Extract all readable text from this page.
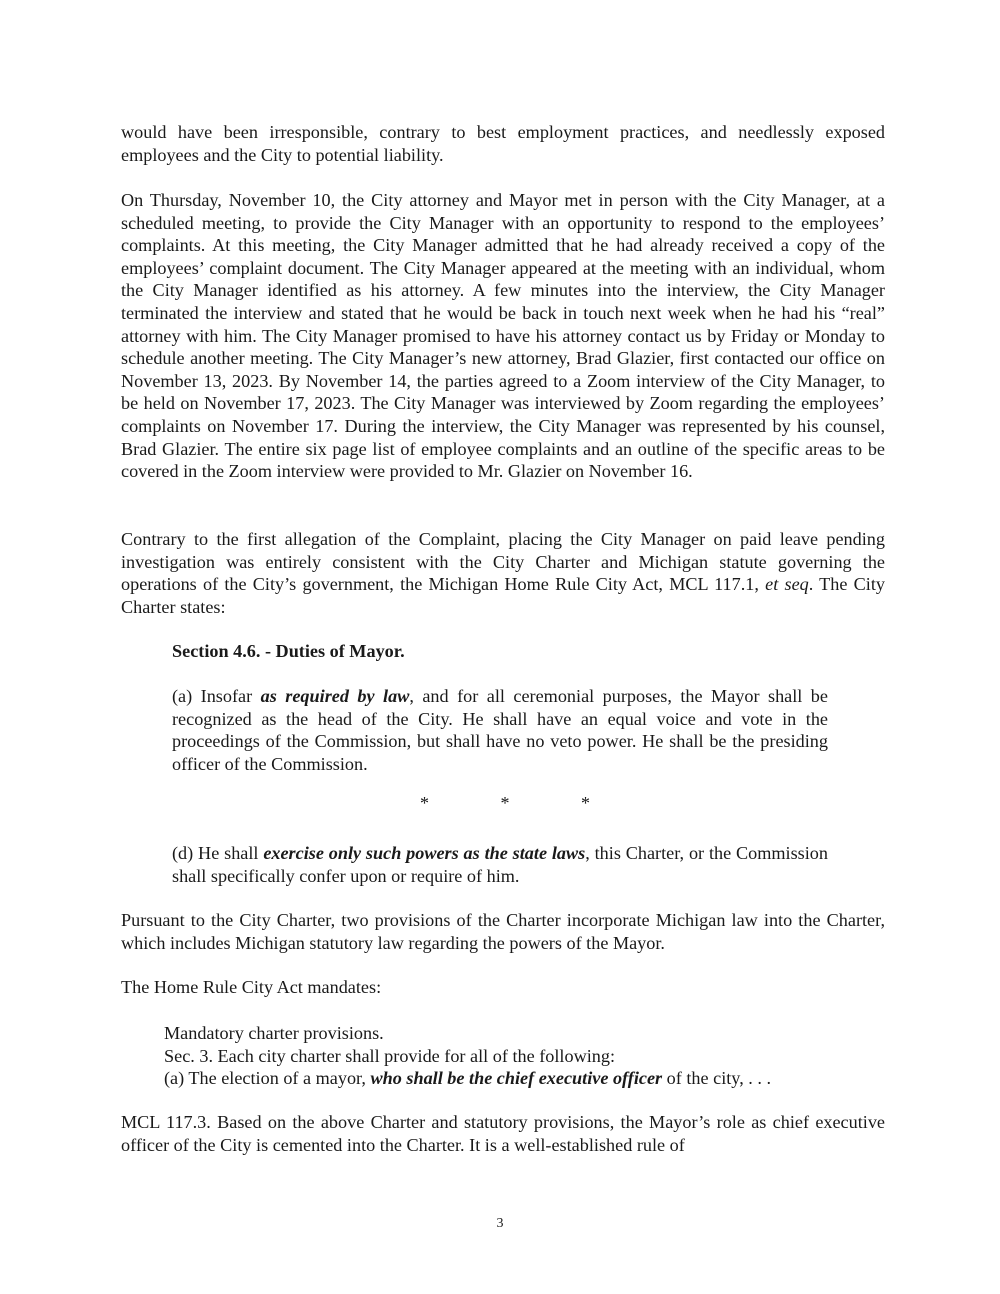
would have been irresponsible, contrary to best employment practices, and needlessly exposed employees and the City to potential liability.

On Thursday, November 10, the City attorney and Mayor met in person with the City Manager, at a scheduled meeting, to provide the City Manager with an opportunity to respond to the employees’ complaints. At this meeting, the City Manager admitted that he had already received a copy of the employees’ complaint document. The City Manager appeared at the meeting with an individual, whom the City Manager identified as his attorney. A few minutes into the interview, the City Manager terminated the interview and stated that he would be back in touch next week when he had his “real” attorney with him. The City Manager promised to have his attorney contact us by Friday or Monday to schedule another meeting. The City Manager’s new attorney, Brad Glazier, first contacted our office on November 13, 2023. By November 14, the parties agreed to a Zoom interview of the City Manager, to be held on November 17, 2023. The City Manager was interviewed by Zoom regarding the employees’ complaints on November 17. During the interview, the City Manager was represented by his counsel, Brad Glazier. The entire six page list of employee complaints and an outline of the specific areas to be covered in the Zoom interview were provided to Mr. Glazier on November 16.

Contrary to the first allegation of the Complaint, placing the City Manager on paid leave pending investigation was entirely consistent with the City Charter and Michigan statute governing the operations of the City’s government, the Michigan Home Rule City Act, MCL 117.1, et seq. The City Charter states:

Section 4.6. - Duties of Mayor.

(a) Insofar as required by law, and for all ceremonial purposes, the Mayor shall be recognized as the head of the City. He shall have an equal voice and vote in the proceedings of the Commission, but shall have no veto power. He shall be the presiding officer of the Commission.

*	*	*

(d) He shall exercise only such powers as the state laws, this Charter, or the Commission shall specifically confer upon or require of him.

Pursuant to the City Charter, two provisions of the Charter incorporate Michigan law into the Charter, which includes Michigan statutory law regarding the powers of the Mayor.

The Home Rule City Act mandates:

Mandatory charter provisions.
Sec. 3. Each city charter shall provide for all of the following:
(a) The election of a mayor, who shall be the chief executive officer of the city, . . .

MCL 117.3. Based on the above Charter and statutory provisions, the Mayor’s role as chief executive officer of the City is cemented into the Charter. It is a well-established rule of

3
